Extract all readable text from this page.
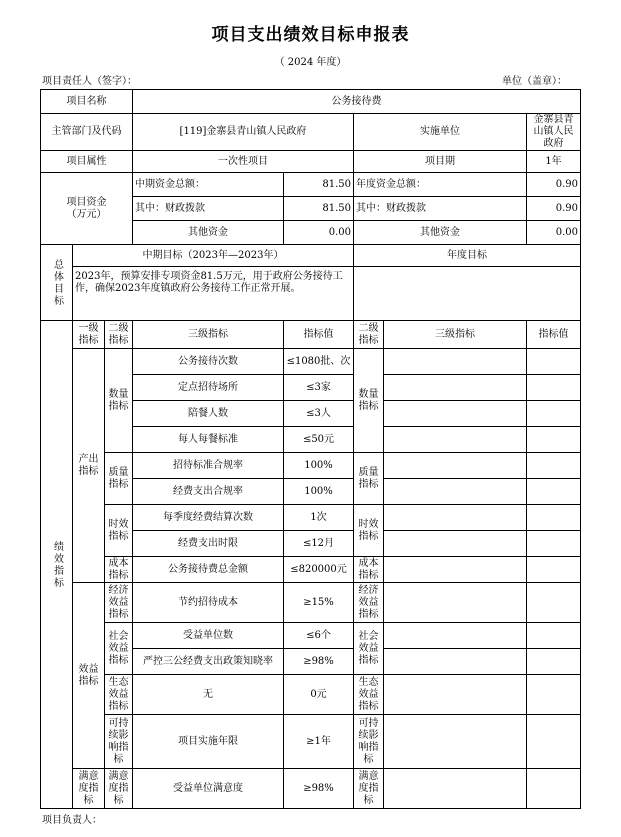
项目支出绩效目标申报表
（ 2024 年度）
项目责任人（签字）：	单位（盖章）：
项目名称			公务接待费				
主管部门及代码			[119]金寨县青山镇人民政府		实施单位		金寨县青山镇人民政府
项目属性			一次性项目		项目期		1年
项目资金
（万元）			中期资金总额：	81.50	年度资金总额：		0.90
			其中：财政拨款	81.50	其中：财政拨款		0.90
			其他资金	0.00	其他资金		0.00
总体目标	中期目标（2023年—2023年）				年度目标		
	2023年，预算安排专项资金81.5万元，用于政府公务接待工作，确保2023年度镇政府公务接待工作正常开展。						
绩效指标	一级指标	二级指标	三级指标	指标值	二级指标	三级指标	指标值
	产出指标	数量指标	公务接待次数	≤1080批、次	数量指标		
			定点招待场所	≤3家			
			陪餐人数	≤3人			
			每人每餐标准	≤50元			
		质量指标	招待标准合规率	100%	质量指标		
			经费支出合规率	100%			
		时效指标	每季度经费结算次数	1次	时效指标		
			经费支出时限	≤12月			
		成本指标	公务接待费总金额	≤820000元	成本指标		
	效益指标	经济效益指标	节约招待成本	≥15%	经济效益指标		
		社会效益指标	受益单位数	≤6个	社会效益指标		
			严控三公经费支出政策知晓率	≥98%			
		生态效益指标	无	0元	生态效益指标		
		可持续影响指标	项目实施年限	≥1年	可持续影响指标		
	满意度指标	满意度指标	受益单位满意度	≥98%	满意度指标		
项目负责人：
